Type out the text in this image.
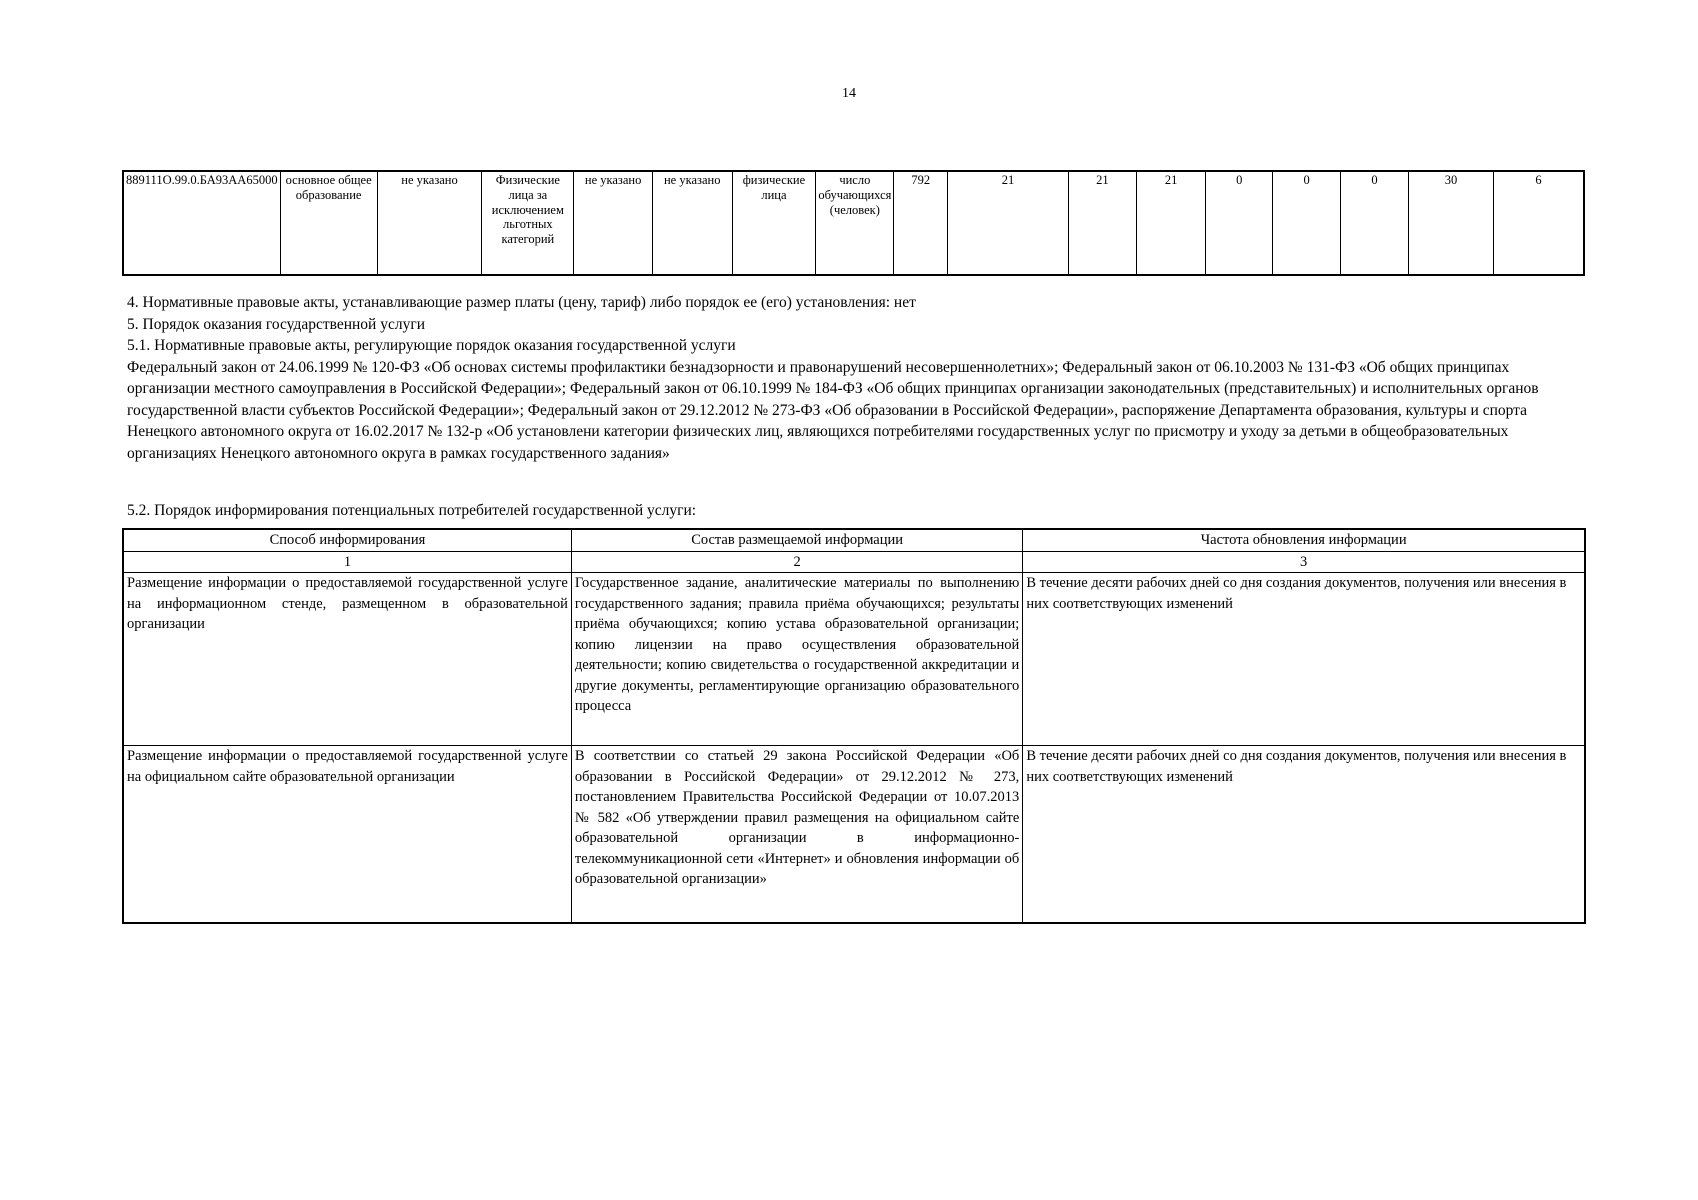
14
889111О.99.0.БА93АА65000	основное общее образование	не указано	Физические лица за исключением льготных категорий	не указано	не указано	физические лица	число обучающихся (человек)	792	21	21	21	0	0	0	30	6
4. Нормативные правовые акты, устанавливающие размер платы (цену, тариф) либо порядок ее (его) установления: нет
5. Порядок оказания государственной услуги
5.1. Нормативные правовые акты, регулирующие порядок оказания государственной услуги
Федеральный закон от 24.06.1999 № 120-ФЗ «Об основах системы профилактики безнадзорности и правонарушений несовершеннолетних»; Федеральный закон от 06.10.2003 № 131-ФЗ «Об общих принципах организации местного самоуправления в Российской Федерации»; Федеральный закон от 06.10.1999 № 184-ФЗ «Об общих принципах организации законодательных (представительных) и исполнительных органов государственной власти субъектов Российской Федерации»; Федеральный закон от 29.12.2012 № 273-ФЗ «Об образовании в Российской Федерации», распоряжение Департамента образования, культуры и спорта Ненецкого автономного округа от 16.02.2017 № 132-р «Об установлени категории физических лиц, являющихся потребителями государственных услуг по присмотру и уходу за детьми в общеобразовательных организациях Ненецкого автономного округа в рамках государственного задания»
5.2. Порядок информирования потенциальных потребителей государственной услуги:
Способ информирования	Состав размещаемой информации	Частота обновления информации
1	2	3
Размещение информации о предоставляемой государственной услуге на информационном стенде, размещенном в образовательной организации	Государственное задание, аналитические материалы по выполнению государственного задания; правила приёма обучающихся; результаты приёма обучающихся; копию устава образовательной организации; копию лицензии на право осуществления образовательной деятельности; копию свидетельства о государственной аккредитации и другие документы, регламентирующие организацию образовательного процесса	В течение десяти рабочих дней со дня создания документов, получения или внесения в них соответствующих изменений
Размещение информации о предоставляемой государственной услуге на официальном сайте образовательной организации	В соответствии со статьей 29 закона Российской Федерации «Об образовании в Российской Федерации» от 29.12.2012 № 273, постановлением Правительства Российской Федерации от 10.07.2013 № 582 «Об утверждении правил размещения на официальном сайте образовательной организации в информационно-телекоммуникационной сети «Интернет» и обновления информации об образовательной организации»	В течение десяти рабочих дней со дня создания документов, получения или внесения в них соответствующих изменений
